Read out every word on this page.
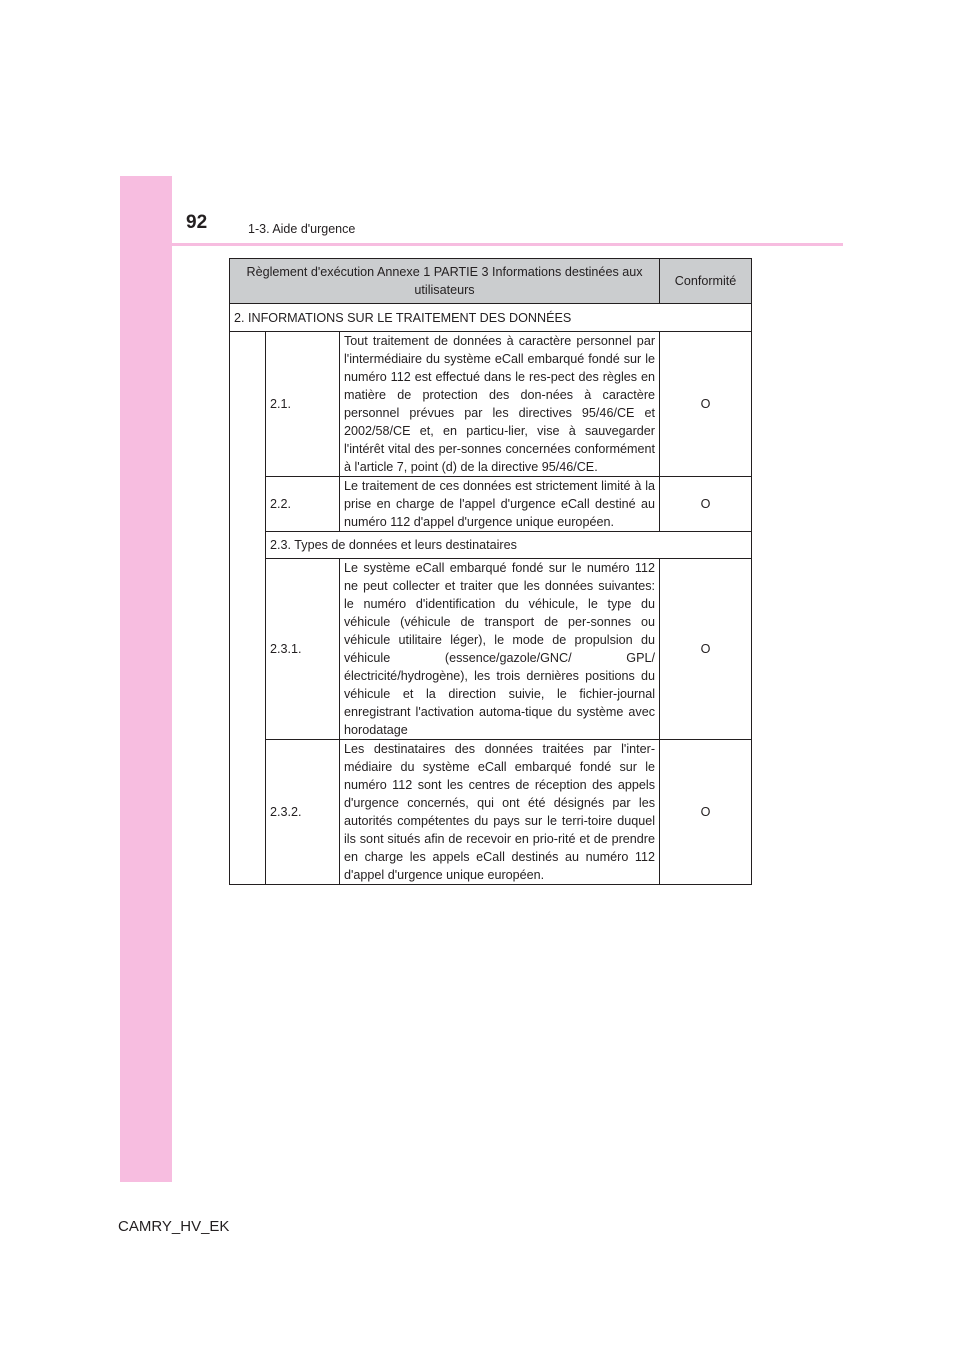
92	1-3. Aide d'urgence
Règlement d'exécution Annexe 1 PARTIE 3 Informations destinées aux utilisateurs			Conformité
2. INFORMATIONS SUR LE TRAITEMENT DES DONNÉES			
	2.1.	Tout traitement de données à caractère personnel par l'intermédiaire du système eCall embarqué fondé sur le numéro 112 est effectué dans le res-pect des règles en matière de protection des don-nées à caractère personnel prévues par les directives 95/46/CE et 2002/58/CE et, en particu-lier, vise à sauvegarder l'intérêt vital des per-sonnes concernées conformément à l'article 7, point (d) de la directive 95/46/CE.	O
	2.2.	Le traitement de ces données est strictement limité à la prise en charge de l'appel d'urgence eCall destiné au numéro 112 d'appel d'urgence unique européen.	O
	2.3. Types de données et leurs destinataires		
	2.3.1.	Le système eCall embarqué fondé sur le numéro 112 ne peut collecter et traiter que les données suivantes: le numéro d'identification du véhicule, le type du véhicule (véhicule de transport de per-sonnes ou véhicule utilitaire léger), le mode de propulsion du véhicule (essence/gazole/GNC/ GPL/électricité/hydrogène), les trois dernières positions du véhicule et la direction suivie, le fichier-journal enregistrant l'activation automa-tique du système avec horodatage	O
	2.3.2.	Les destinataires des données traitées par l'inter-médiaire du système eCall embarqué fondé sur le numéro 112 sont les centres de réception des appels d'urgence concernés, qui ont été désignés par les autorités compétentes du pays sur le terri-toire duquel ils sont situés afin de recevoir en prio-rité et de prendre en charge les appels eCall destinés au numéro 112 d'appel d'urgence unique européen.	O
CAMRY_HV_EK
